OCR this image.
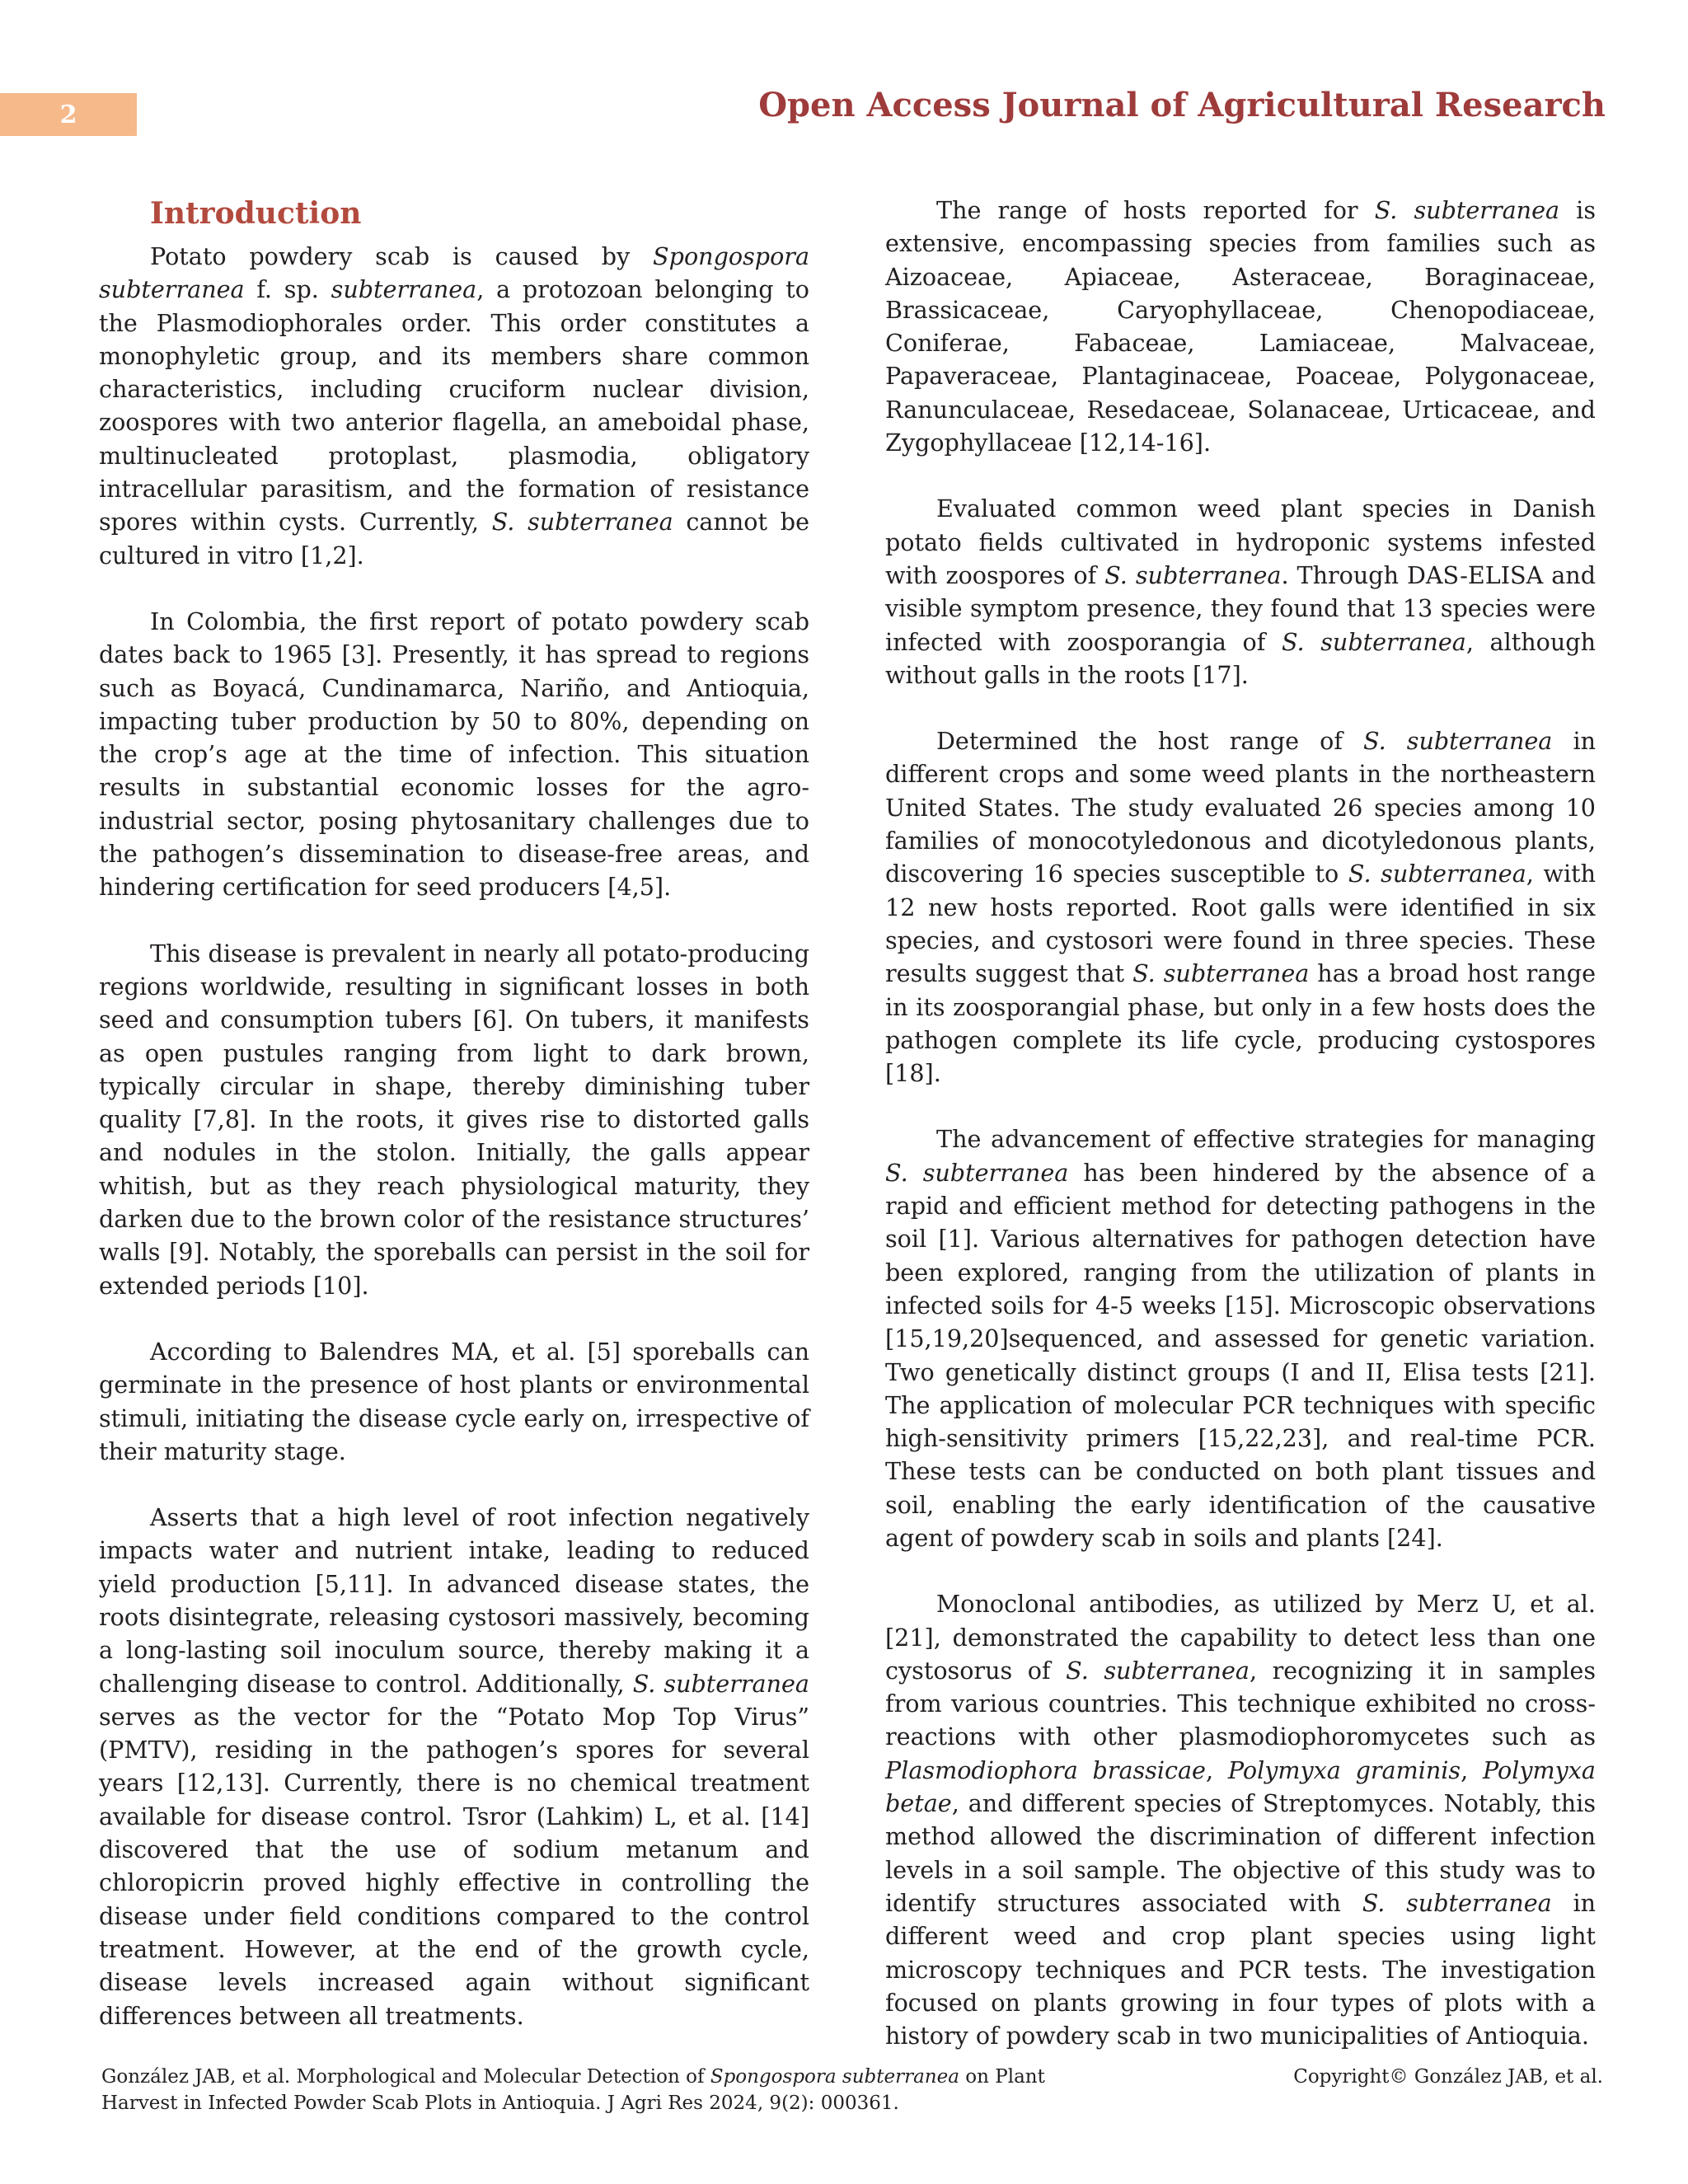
2	Open Access Journal of Agricultural Research
Introduction

Potato powdery scab is caused by Spongospora subterranea f. sp. subterranea, a protozoan belonging to the Plasmodiophorales order. This order constitutes a monophyletic group, and its members share common characteristics, including cruciform nuclear division, zoospores with two anterior flagella, an ameboidal phase, multinucleated protoplast, plasmodia, obligatory intracellular parasitism, and the formation of resistance spores within cysts. Currently, S. subterranea cannot be cultured in vitro [1,2].

In Colombia, the first report of potato powdery scab dates back to 1965 [3]. Presently, it has spread to regions such as Boyacá, Cundinamarca, Nariño, and Antioquia, impacting tuber production by 50 to 80%, depending on the crop’s age at the time of infection. This situation results in substantial economic losses for the agro-industrial sector, posing phytosanitary challenges due to the pathogen’s dissemination to disease-free areas, and hindering certification for seed producers [4,5].

This disease is prevalent in nearly all potato-producing regions worldwide, resulting in significant losses in both seed and consumption tubers [6]. On tubers, it manifests as open pustules ranging from light to dark brown, typically circular in shape, thereby diminishing tuber quality [7,8]. In the roots, it gives rise to distorted galls and nodules in the stolon. Initially, the galls appear whitish, but as they reach physiological maturity, they darken due to the brown color of the resistance structures’ walls [9]. Notably, the sporeballs can persist in the soil for extended periods [10].

According to Balendres MA, et al. [5] sporeballs can germinate in the presence of host plants or environmental stimuli, initiating the disease cycle early on, irrespective of their maturity stage.

Asserts that a high level of root infection negatively impacts water and nutrient intake, leading to reduced yield production [5,11]. In advanced disease states, the roots disintegrate, releasing cystosori massively, becoming a long-lasting soil inoculum source, thereby making it a challenging disease to control. Additionally, S. subterranea serves as the vector for the “Potato Mop Top Virus” (PMTV), residing in the pathogen’s spores for several years [12,13]. Currently, there is no chemical treatment available for disease control. Tsror (Lahkim) L, et al. [14] discovered that the use of sodium metanum and chloropicrin proved highly effective in controlling the disease under field conditions compared to the control treatment. However, at the end of the growth cycle, disease levels increased again without significant differences between all treatments.

The range of hosts reported for S. subterranea is extensive, encompassing species from families such as Aizoaceae, Apiaceae, Asteraceae, Boraginaceae, Brassicaceae, Caryophyllaceae, Chenopodiaceae, Coniferae, Fabaceae, Lamiaceae, Malvaceae, Papaveraceae, Plantaginaceae, Poaceae, Polygonaceae, Ranunculaceae, Resedaceae, Solanaceae, Urticaceae, and Zygophyllaceae [12,14-16].

Evaluated common weed plant species in Danish potato fields cultivated in hydroponic systems infested with zoospores of S. subterranea. Through DAS-ELISA and visible symptom presence, they found that 13 species were infected with zoosporangia of S. subterranea, although without galls in the roots [17].

Determined the host range of S. subterranea in different crops and some weed plants in the northeastern United States. The study evaluated 26 species among 10 families of monocotyledonous and dicotyledonous plants, discovering 16 species susceptible to S. subterranea, with 12 new hosts reported. Root galls were identified in six species, and cystosori were found in three species. These results suggest that S. subterranea has a broad host range in its zoosporangial phase, but only in a few hosts does the pathogen complete its life cycle, producing cystospores [18].

The advancement of effective strategies for managing S. subterranea has been hindered by the absence of a rapid and efficient method for detecting pathogens in the soil [1]. Various alternatives for pathogen detection have been explored, ranging from the utilization of plants in infected soils for 4-5 weeks [15]. Microscopic observations [15,19,20]sequenced, and assessed for genetic variation. Two genetically distinct groups (I and II, Elisa tests [21]. The application of molecular PCR techniques with specific high-sensitivity primers [15,22,23], and real-time PCR. These tests can be conducted on both plant tissues and soil, enabling the early identification of the causative agent of powdery scab in soils and plants [24].

Monoclonal antibodies, as utilized by Merz U, et al. [21], demonstrated the capability to detect less than one cystosorus of S. subterranea, recognizing it in samples from various countries. This technique exhibited no cross-reactions with other plasmodiophoromycetes such as Plasmodiophora brassicae, Polymyxa graminis, Polymyxa betae, and different species of Streptomyces. Notably, this method allowed the discrimination of different infection levels in a soil sample. The objective of this study was to identify structures associated with S. subterranea in different weed and crop plant species using light microscopy techniques and PCR tests. The investigation focused on plants growing in four types of plots with a history of powdery scab in two municipalities of Antioquia.

González JAB, et al. Morphological and Molecular Detection of Spongospora subterranea on Plant Harvest in Infected Powder Scab Plots in Antioquia. J Agri Res 2024, 9(2): 000361.
Copyright© González JAB, et al.
